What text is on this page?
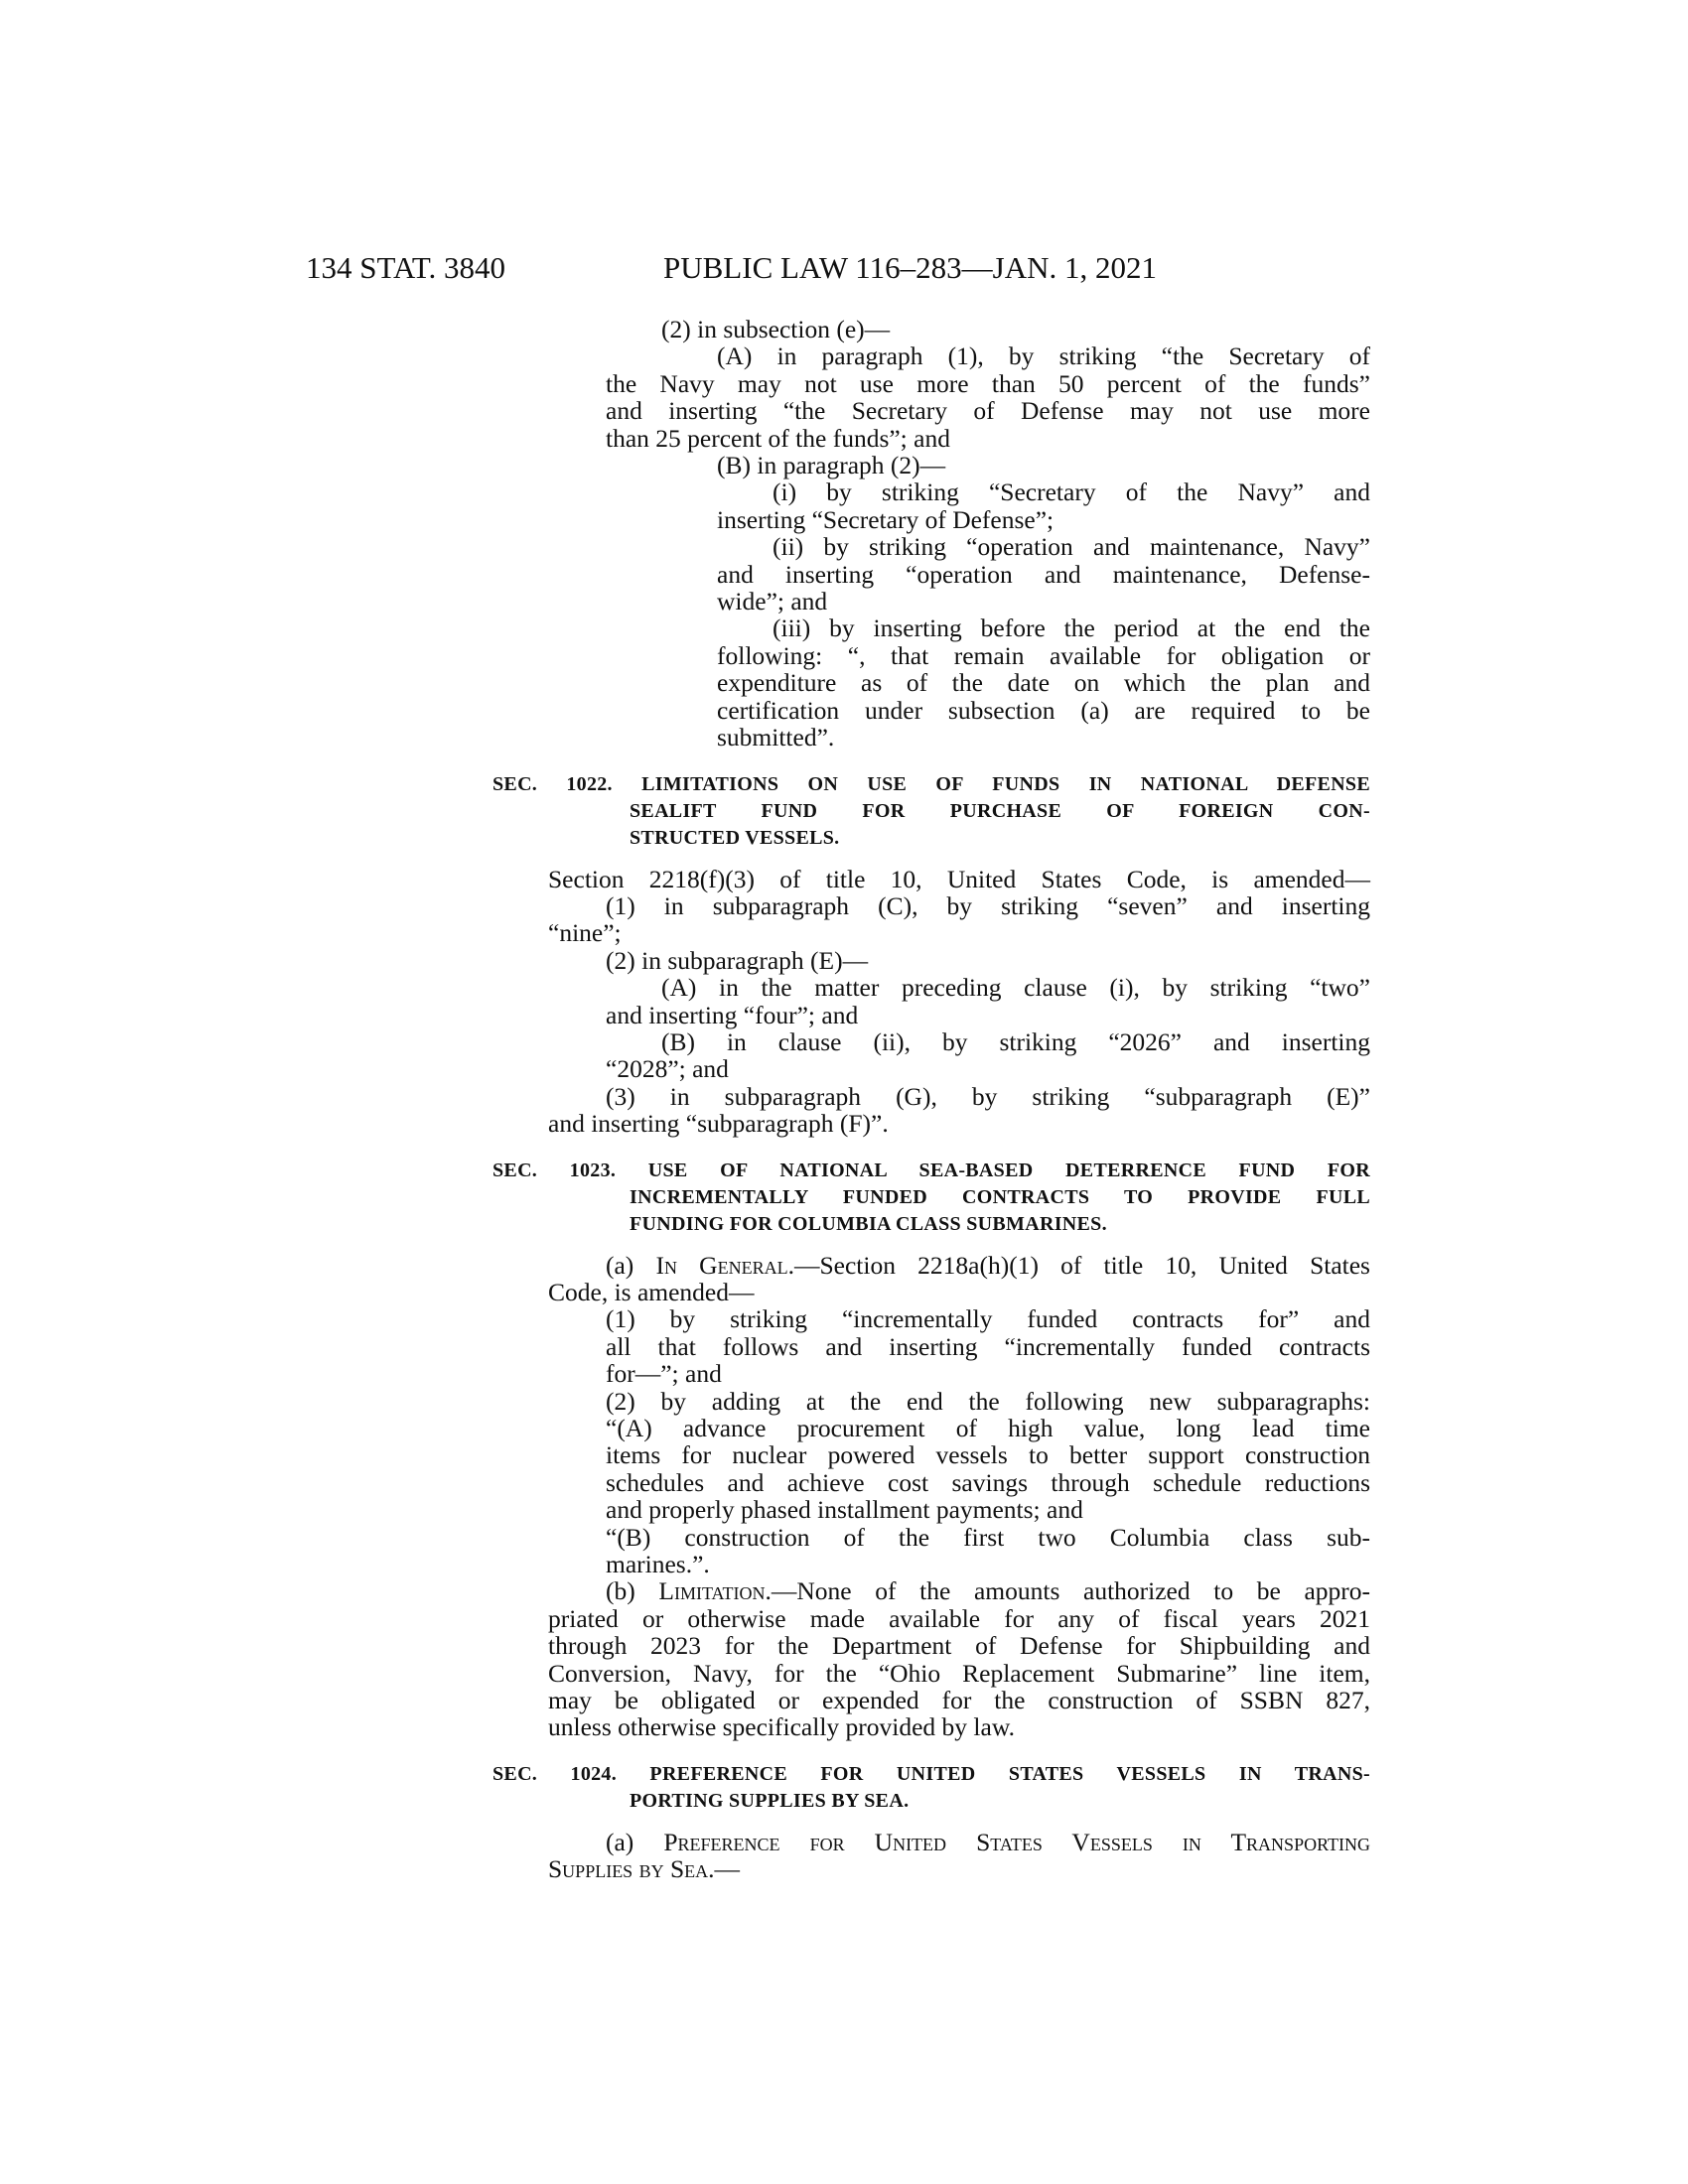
134 STAT. 3840	PUBLIC LAW 116–283—JAN. 1, 2021
(2) in subsection (e)—
(A) in paragraph (1), by striking “the Secretary of
the Navy may not use more than 50 percent of the funds”
and inserting “the Secretary of Defense may not use more
than 25 percent of the funds”; and
(B) in paragraph (2)—
(i) by striking “Secretary of the Navy” and
inserting “Secretary of Defense”;
(ii) by striking “operation and maintenance, Navy”
and inserting “operation and maintenance, Defense-
wide”; and
(iii) by inserting before the period at the end the
following: “, that remain available for obligation or
expenditure as of the date on which the plan and
certification under subsection (a) are required to be
submitted”.
SEC. 1022. LIMITATIONS ON USE OF FUNDS IN NATIONAL DEFENSE
SEALIFT FUND FOR PURCHASE OF FOREIGN CON-
STRUCTED VESSELS.
Section 2218(f)(3) of title 10, United States Code, is amended—
(1) in subparagraph (C), by striking “seven” and inserting
“nine”;
(2) in subparagraph (E)—
(A) in the matter preceding clause (i), by striking “two”
and inserting “four”; and
(B) in clause (ii), by striking “2026” and inserting
“2028”; and
(3) in subparagraph (G), by striking “subparagraph (E)”
and inserting “subparagraph (F)”.
SEC. 1023. USE OF NATIONAL SEA-BASED DETERRENCE FUND FOR
INCREMENTALLY FUNDED CONTRACTS TO PROVIDE FULL
FUNDING FOR COLUMBIA CLASS SUBMARINES.
(a) In General.—Section 2218a(h)(1) of title 10, United States
Code, is amended—
(1) by striking “incrementally funded contracts for” and
all that follows and inserting “incrementally funded contracts
for—”; and
(2) by adding at the end the following new subparagraphs:
“(A) advance procurement of high value, long lead time
items for nuclear powered vessels to better support construction
schedules and achieve cost savings through schedule reductions
and properly phased installment payments; and
“(B) construction of the first two Columbia class sub-
marines.”.
(b) Limitation.—None of the amounts authorized to be appro-
priated or otherwise made available for any of fiscal years 2021
through 2023 for the Department of Defense for Shipbuilding and
Conversion, Navy, for the “Ohio Replacement Submarine” line item,
may be obligated or expended for the construction of SSBN 827,
unless otherwise specifically provided by law.
SEC. 1024. PREFERENCE FOR UNITED STATES VESSELS IN TRANS-
PORTING SUPPLIES BY SEA.
(a) Preference for United States Vessels in Transporting
Supplies by Sea.—
